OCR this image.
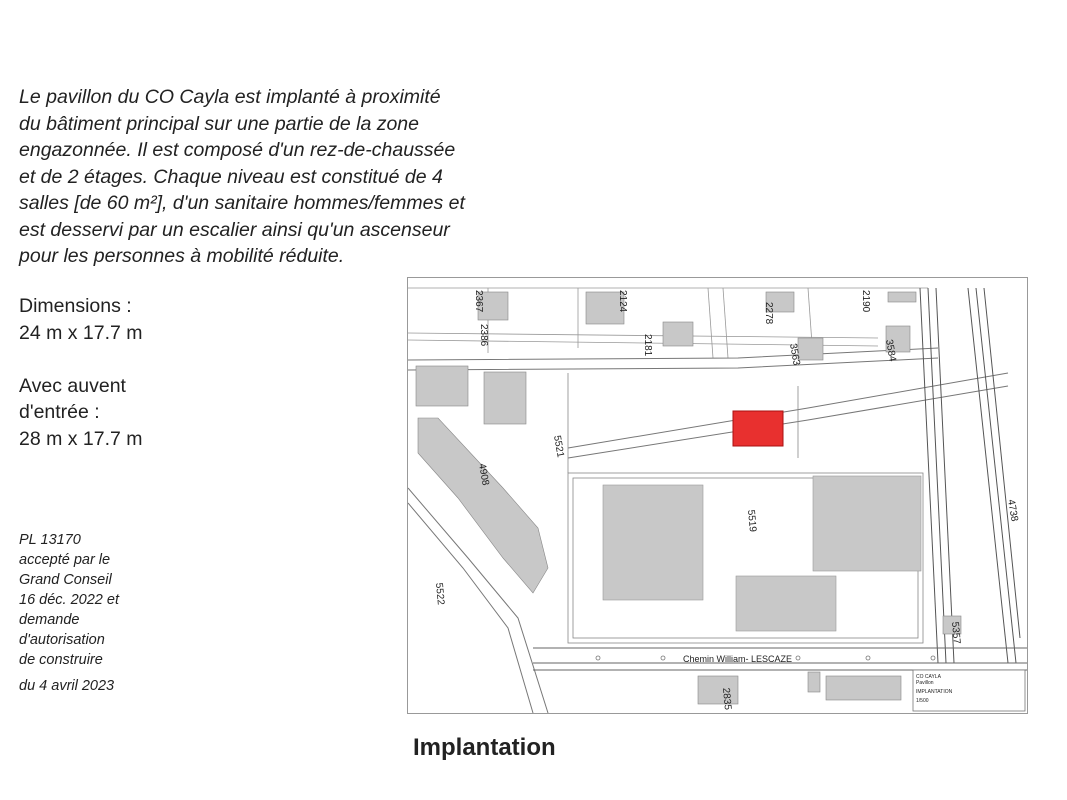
Le pavillon du CO Cayla est implanté à proximité
du bâtiment principal sur une partie de la zone
engazonnée. Il est composé d'un rez-de-chaussée
et de 2 étages. Chaque niveau est constitué de 4
salles [de 60 m²], d'un sanitaire hommes/femmes et
est desservi par un escalier ainsi qu'un ascenseur
pour les personnes à mobilité réduite.

Dimensions :

24 m x 17.7 m

Avec auvent

d'entrée :

28 m x 17.7 m

PL 13170

accepté par le

Grand Conseil

16 déc. 2022 et

demande

d'autorisation

de construire

du 4 avril 2023

CO CAYLA
Pavillon
IMPLANTATION
1/500
2367	2124
2278
2190
2386	2181	3563	3584
5521
4908
5519
5522
4738
5357
2835
Chemin William- LESCAZE
Implantation
